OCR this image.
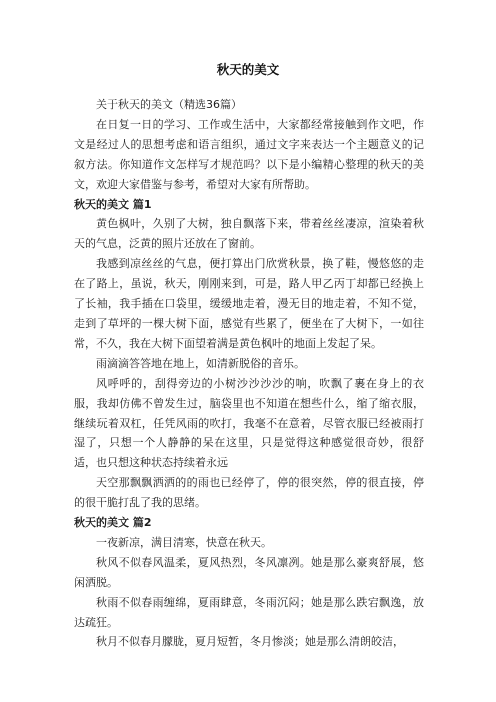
秋天的美文

关于秋天的美文（精选36篇）

在日复一日的学习、工作或生活中，大家都经常接触到作文吧，作文是经过人的思想考虑和语言组织，通过文字来表达一个主题意义的记叙方法。你知道作文怎样写才规范吗？以下是小编精心整理的秋天的美文，欢迎大家借鉴与参考，希望对大家有所帮助。

秋天的美文 篇1

黄色枫叶，久别了大树，独自飘落下来，带着丝丝凄凉，渲染着秋天的气息，泛黄的照片还放在了窗前。

我感到凉丝丝的气息，便打算出门欣赏秋景，换了鞋，慢悠悠的走在了路上，虽说，秋天，刚刚来到，可是，路人甲乙丙丁却都已经换上了长袖，我手插在口袋里，缓缓地走着，漫无目的地走着，不知不觉，走到了草坪的一棵大树下面，感觉有些累了，便坐在了大树下，一如往常，不久，我在大树下面望着满是黄色枫叶的地面上发起了呆。

雨滴滴答答地在地上，如清新脱俗的音乐。

风呼呼的，刮得旁边的小树沙沙沙沙的响，吹飘了裹在身上的衣服，我却仿佛不曾发生过，脑袋里也不知道在想些什么，缩了缩衣服，继续玩着双杠，任凭风雨的吹打，我毫不在意着，尽管衣服已经被雨打湿了，只想一个人静静的呆在这里，只是觉得这种感觉很奇妙，很舒适，也只想这种状态持续着永远

天空那飘飘洒洒的的雨也已经停了，停的很突然，停的很直接，停的很干脆打乱了我的思绪。

秋天的美文 篇2

一夜新凉，满目清寒，快意在秋天。

秋风不似春风温柔，夏风热烈，冬风凛冽。她是那么豪爽舒展，悠闲洒脱。

秋雨不似春雨缠绵，夏雨肆意，冬雨沉闷；她是那么跌宕飘逸，放达疏狂。

秋月不似春月朦胧，夏月短暂，冬月惨淡；她是那么清朗皎洁，
